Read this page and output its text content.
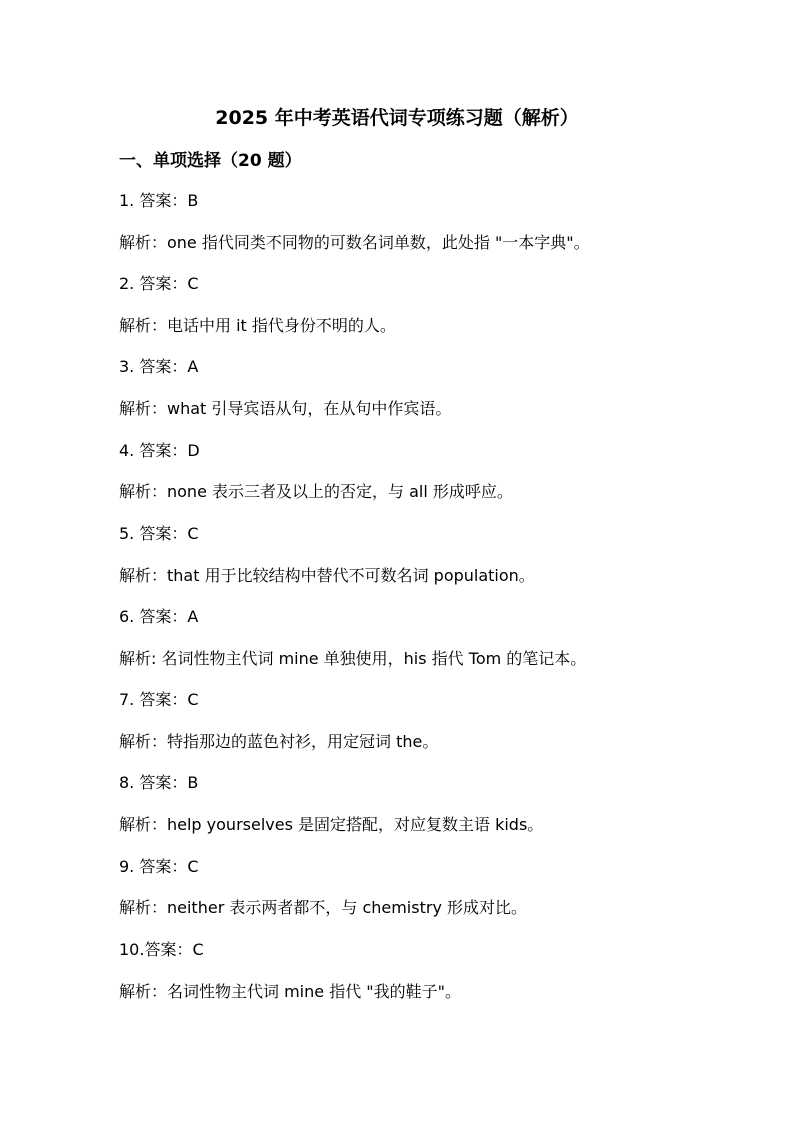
2025 年中考英语代词专项练习题（解析）
一、单项选择（20 题）
1. 答案：B
解析：one 指代同类不同物的可数名词单数，此处指 "一本字典"。
2. 答案：C
解析：电话中用 it 指代身份不明的人。
3. 答案：A
解析：what 引导宾语从句，在从句中作宾语。
4. 答案：D
解析：none 表示三者及以上的否定，与 all 形成呼应。
5. 答案：C
解析：that 用于比较结构中替代不可数名词 population。
6. 答案：A
解析: 名词性物主代词 mine 单独使用，his 指代 Tom 的笔记本。
7. 答案：C
解析：特指那边的蓝色衬衫，用定冠词 the。
8. 答案：B
解析：help yourselves 是固定搭配，对应复数主语 kids。
9. 答案：C
解析：neither 表示两者都不，与 chemistry 形成对比。
10.答案：C
解析：名词性物主代词 mine 指代 "我的鞋子"。
